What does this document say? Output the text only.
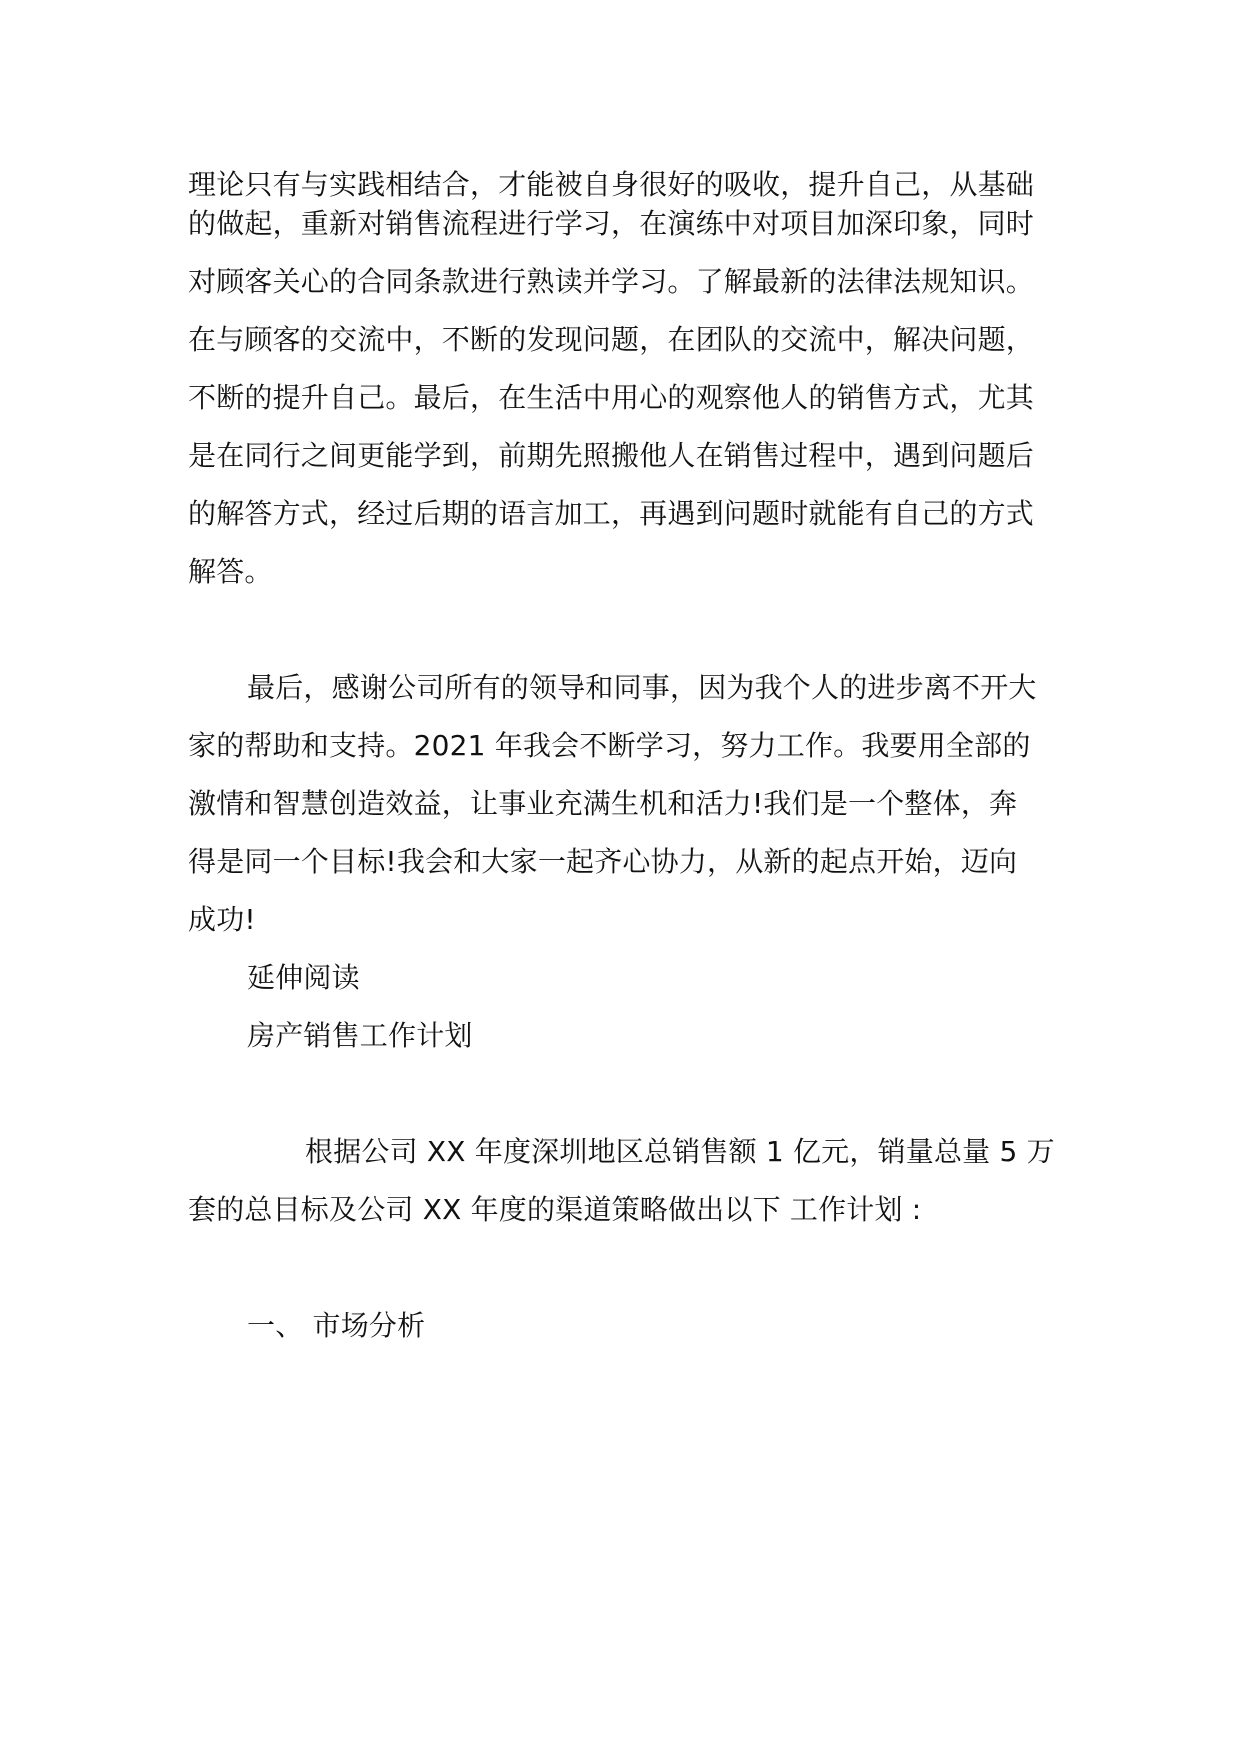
理论只有与实践相结合，才能被自身很好的吸收，提升自己，从基础
的做起，重新对销售流程进行学习，在演练中对项目加深印象，同时
对顾客关心的合同条款进行熟读并学习。了解最新的法律法规知识。
在与顾客的交流中，不断的发现问题，在团队的交流中，解决问题，
不断的提升自己。最后，在生活中用心的观察他人的销售方式，尤其
是在同行之间更能学到，前期先照搬他人在销售过程中，遇到问题后
的解答方式，经过后期的语言加工，再遇到问题时就能有自己的方式
解答。
最后，感谢公司所有的领导和同事，因为我个人的进步离不开大
家的帮助和支持。2021 年我会不断学习，努力工作。我要用全部的
激情和智慧创造效益，让事业充满生机和活力!我们是一个整体，奔
得是同一个目标!我会和大家一起齐心协力，从新的起点开始，迈向
成功!
延伸阅读
房产销售工作计划
根据公司 XX 年度深圳地区总销售额 1 亿元，销量总量 5 万
套的总目标及公司 XX 年度的渠道策略做出以下 工作计划 :
一、 市场分析
